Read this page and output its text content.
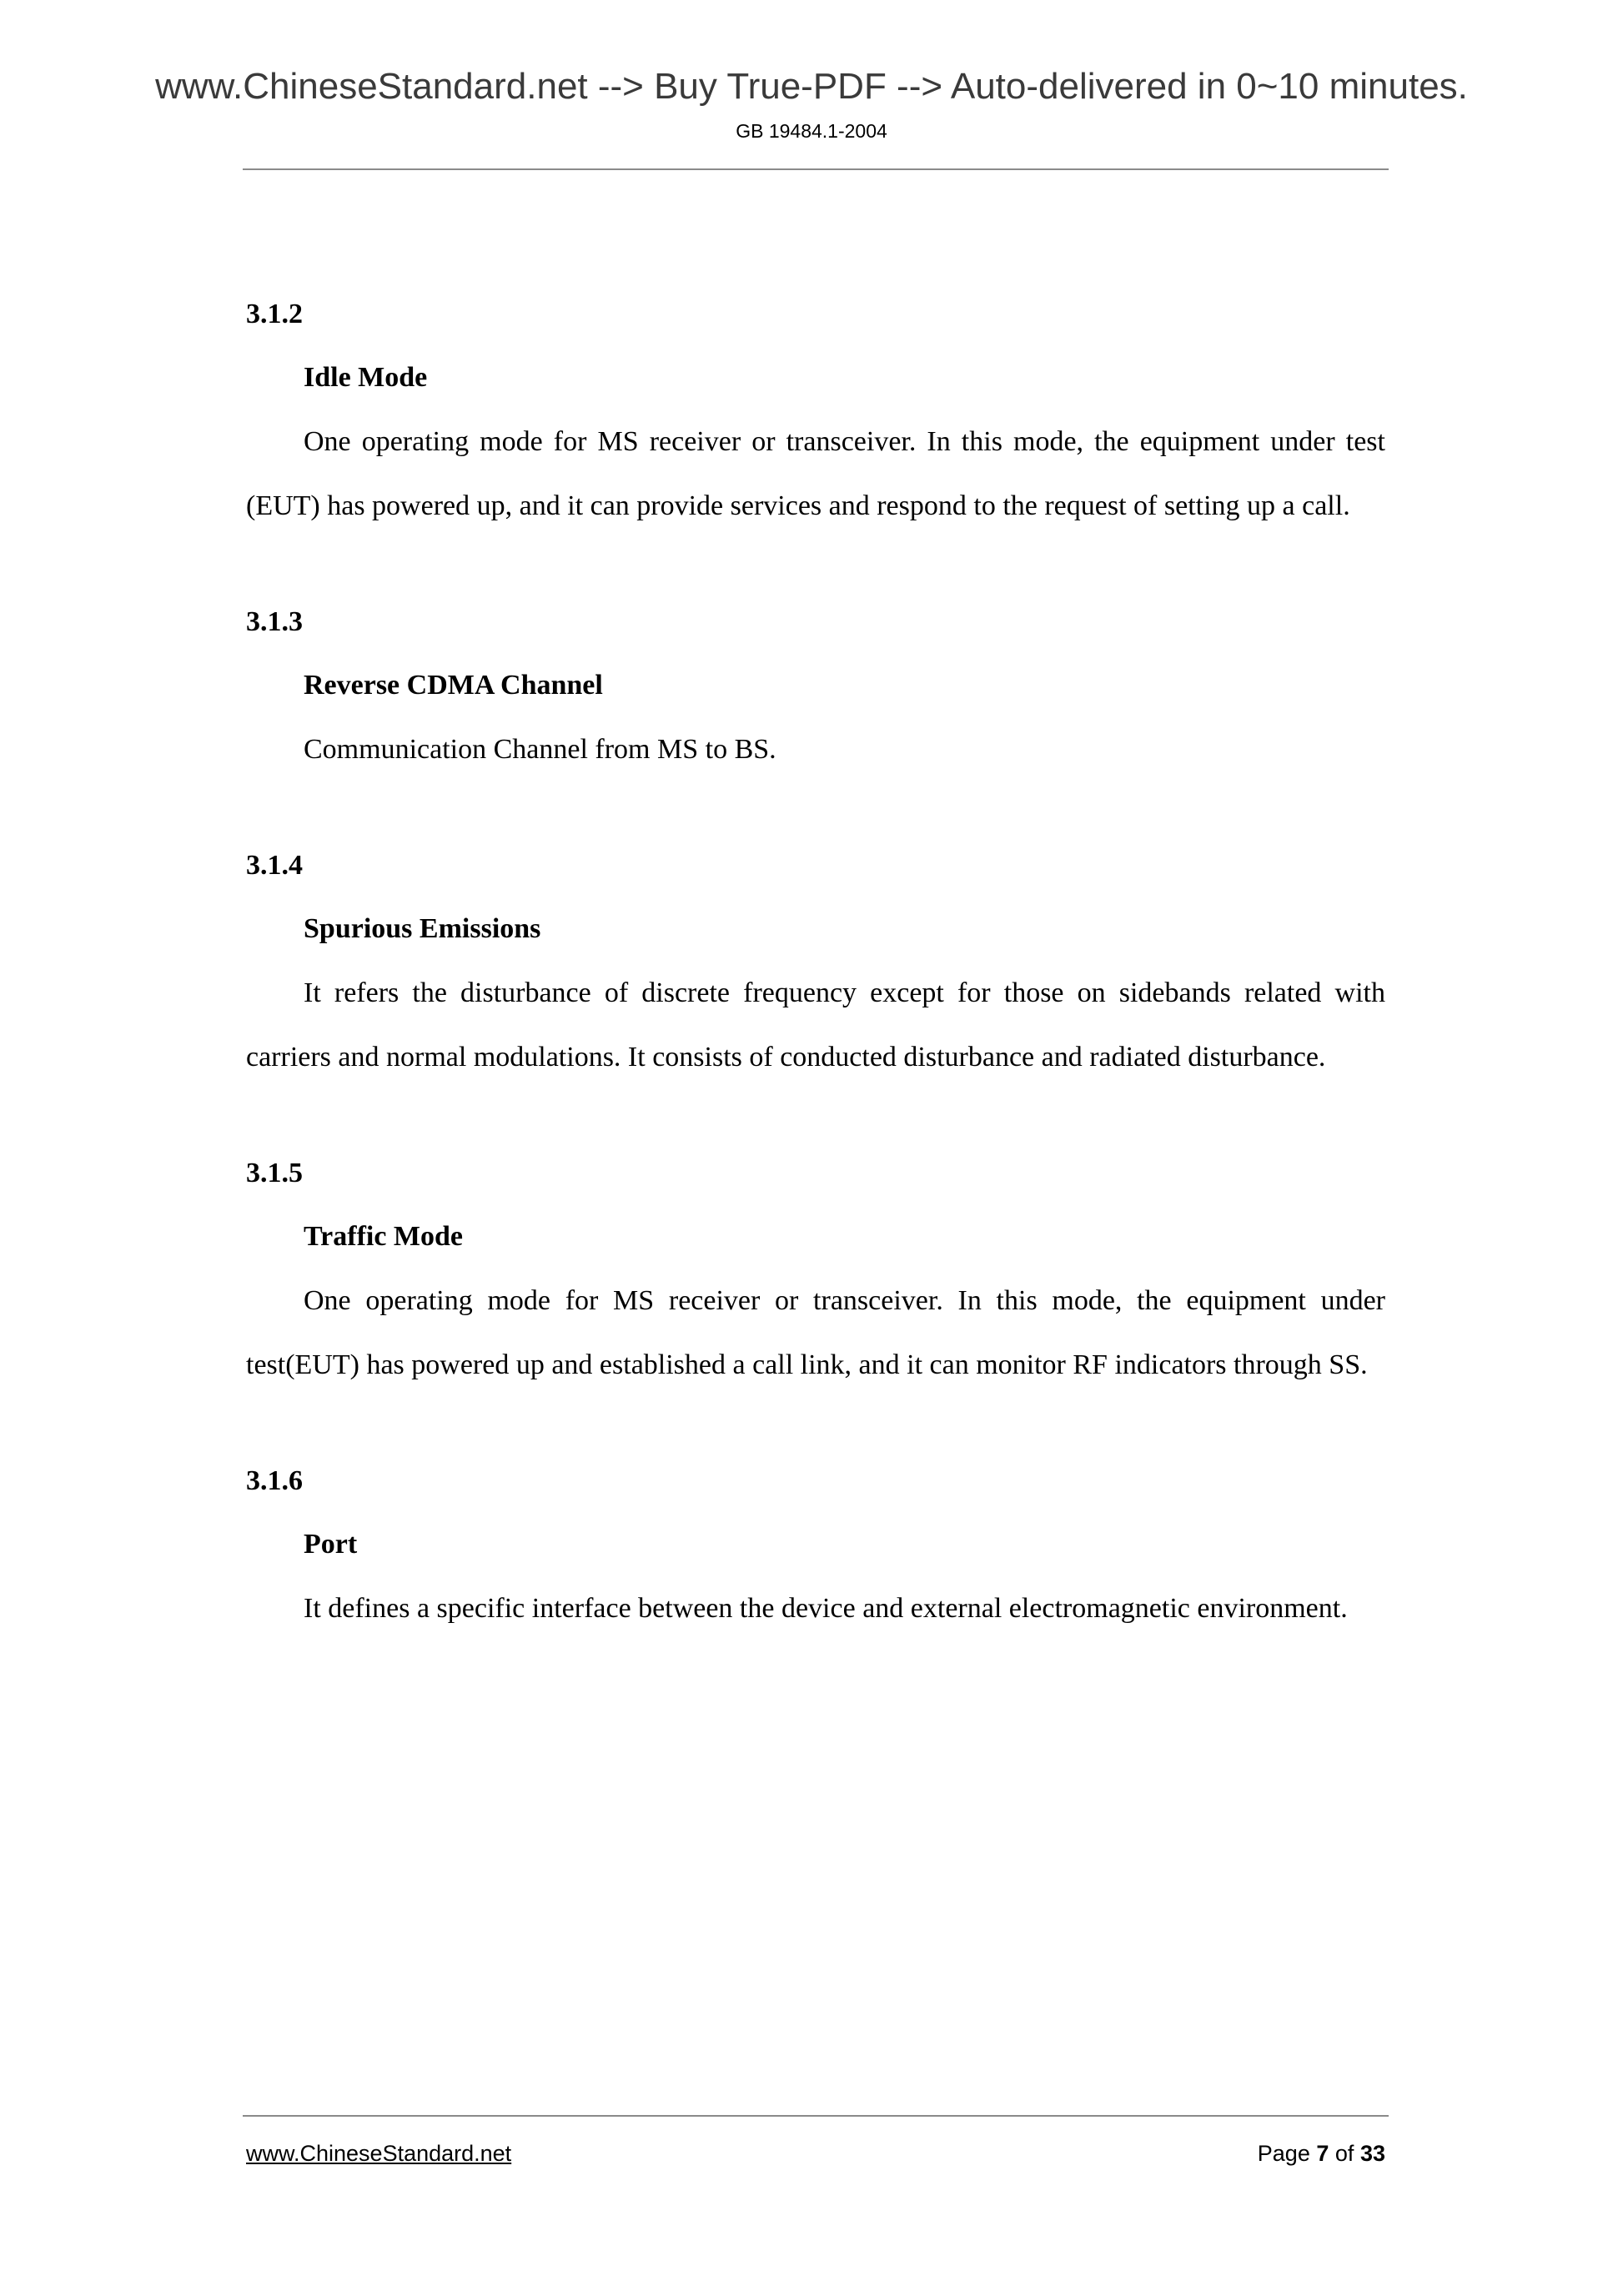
www.ChineseStandard.net --> Buy True-PDF --> Auto-delivered in 0~10 minutes.
GB 19484.1-2004
3.1.2
Idle Mode

One operating mode for MS receiver or transceiver. In this mode, the equipment under test (EUT) has powered up, and it can provide services and respond to the request of setting up a call.

3.1.3
Reverse CDMA Channel

Communication Channel from MS to BS.

3.1.4
Spurious Emissions

It refers the disturbance of discrete frequency except for those on sidebands related with carriers and normal modulations. It consists of conducted disturbance and radiated disturbance.

3.1.5
Traffic Mode

One operating mode for MS receiver or transceiver. In this mode, the equipment under test(EUT) has powered up and established a call link, and it can monitor RF indicators through SS.

3.1.6
Port

It defines a specific interface between the device and external electromagnetic environment.

www.ChineseStandard.net	Page 7 of 33
